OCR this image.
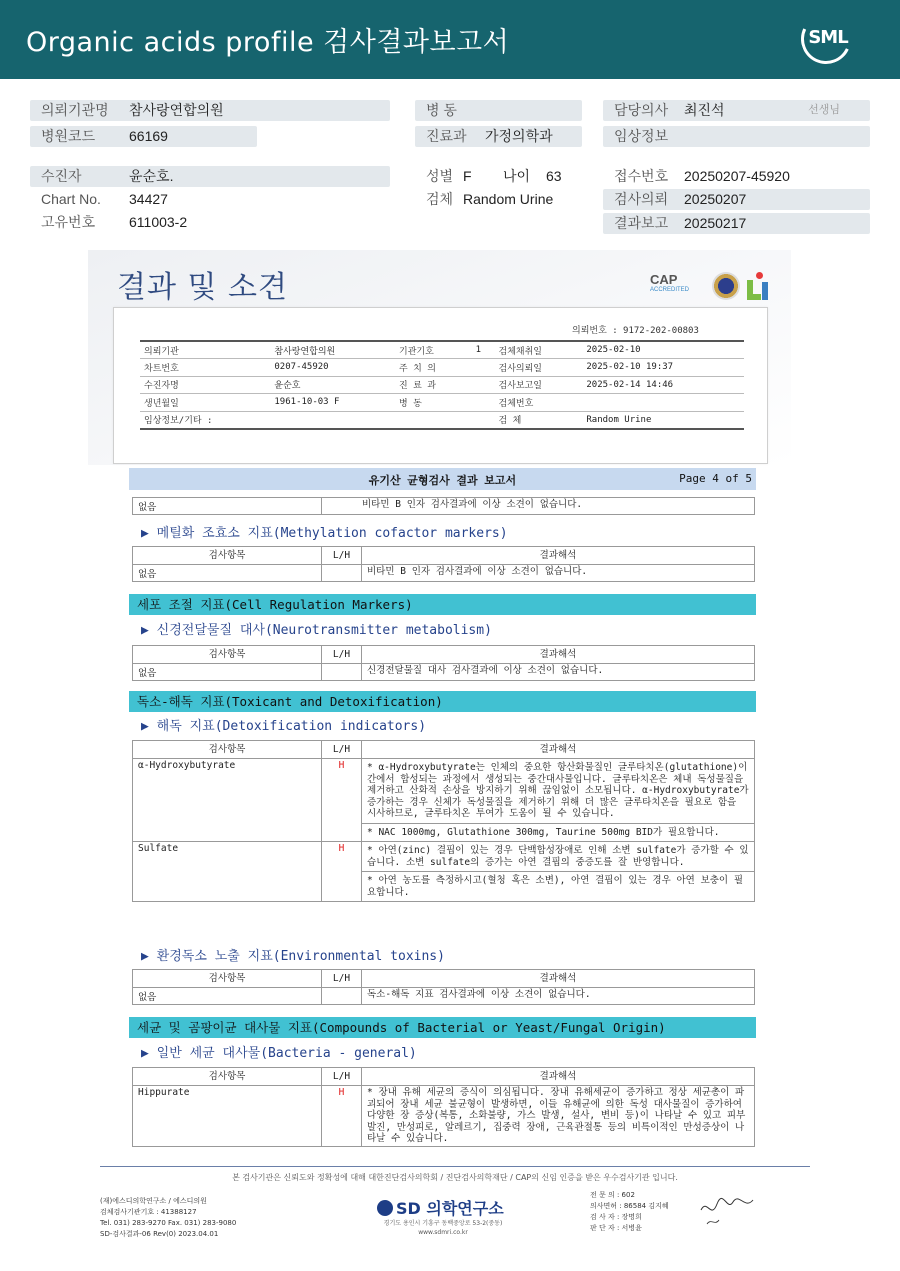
Organic acids profile 검사결과보고서	SML
의뢰기관명 참사랑연합의원
병원코드 66169
수진자	윤순호.
Chart No. 34427
고유번호 611003-2
병 동
진료과 가정의학과
성별 F 나이 63
검체 Random Urine
담당의사 최진석	선생님
임상정보
접수번호 20250207-45920
검사의뢰 20250207
결과보고 20250217
결과 및 소견	CAP
ACCREDITED
의뢰번호 : 9172-202-00803
의뢰기관	참사랑연합의원	기관기호	1	검체채취일	2025-02-10
차트번호	0207-45920	주 치 의		검사의뢰일	2025-02-10 19:37
수진자명	윤순호	진 료 과		검사보고일	2025-02-14 14:46
생년월일	1961-10-03 F	병 동		검체번호	
임상정보/기타 :				검 체	Random Urine
유기산 균형검사 결과 보고서	Page 4 of 5
없음	비타민 B 인자 검사결과에 이상 소견이 없습니다.
▶ 메틸화 조효소 지표(Methylation cofactor markers)
검사항목	L/H	결과해석
없음		비타민 B 인자 검사결과에 이상 소견이 없습니다.
세포 조절 지표(Cell Regulation Markers)
▶ 신경전달물질 대사(Neurotransmitter metabolism)
검사항목	L/H	결과해석
없음		신경전달물질 대사 검사결과에 이상 소견이 없습니다.
독소-해독 지표(Toxicant and Detoxification)
▶ 해독 지표(Detoxification indicators)
검사항목	L/H	결과해석
α-Hydroxybutyrate	H	* α-Hydroxybutyrate는 인체의 중요한 항산화물질인 글루타치온(glutathione)이 간에서 합성되는 과정에서 생성되는 중간대사물입니다. 글루타치온은 체내 독성물질을 제거하고 산화적 손상을 방지하기 위해 끊임없이 소모됩니다. α-Hydroxybutyrate가 증가하는 경우 신체가 독성물질을 제거하기 위해 더 많은 글루타치온을 필요로 함을 시사하므로, 글루타치온 투여가 도움이 될 수 있습니다.
* NAC 1000mg, Glutathione 300mg, Taurine 500mg BID가 필요합니다.

Sulfate	H	* 아연(zinc) 결핍이 있는 경우 단백합성장애로 인해 소변 sulfate가 증가할 수 있습니다. 소변 sulfate의 증가는 아연 결핍의 중증도를 잘 반영합니다.
* 아연 농도를 측정하시고(혈청 혹은 소변), 아연 결핍이 있는 경우 아연 보충이 필요합니다.
▶ 환경독소 노출 지표(Environmental toxins)
검사항목	L/H	결과해석
없음		독소-해독 지표 검사결과에 이상 소견이 없습니다.
세균 및 곰팡이균 대사물 지표(Compounds of Bacterial or Yeast/Fungal Origin)
▶ 일반 세균 대사물(Bacteria - general)
검사항목	L/H	결과해석
Hippurate	H	* 장내 유해 세균의 증식이 의심됩니다. 장내 유해세균이 증가하고 정상 세균총이 파괴되어 장내 세균 불균형이 발생하면, 이들 유해균에 의한 독성 대사물질이 증가하여 다양한 장 증상(복통, 소화불량, 가스 발생, 설사, 변비 등)이 나타날 수 있고 피부발진, 만성피로, 알레르기, 집중력 장애, 근육관절통 등의 비특이적인 만성증상이 나타날 수 있습니다.
본 검사기관은 신뢰도와 정확성에 대해 대한진단검사의학회 / 진단검사의학재단 / CAP의 신임 인증을 받은 우수검사기관 입니다.
(재)에스디의학연구소 / 에스디의원
검체검사기관기호 : 41388127
Tel. 031) 283-9270 Fax. 031) 283-9080
SD-검사결과-06 Rev(0) 2023.04.01
SD 의학연구소
경기도 용인시 기흥구 동백중앙로 53-2(중동)
www.sdmri.co.kr
전 문 의 : 602
의사면허 : 86584 김지혜
검 사 자 : 장명희
판 단 자 : 서병윤
